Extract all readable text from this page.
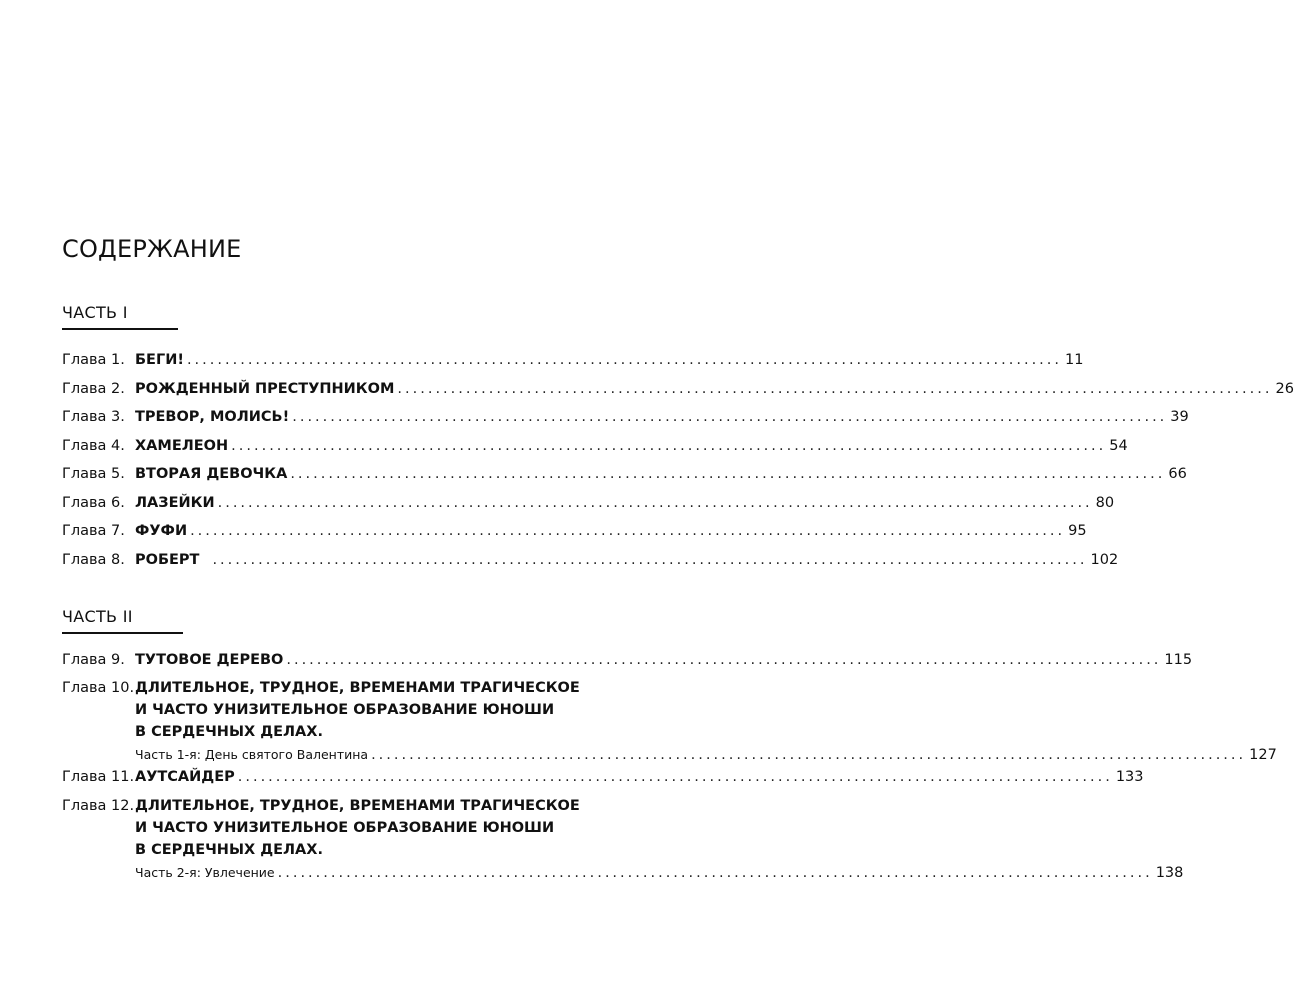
СОДЕРЖАНИЕ
ЧАСТЬ I
Глава 1. БЕГИ! ................................................................................................................... 11
Глава 2. РОЖДЕННЫЙ ПРЕСТУПНИКОМ ................................................................................................................... 26
Глава 3. ТРЕВОР, МОЛИСЬ! ................................................................................................................... 39
Глава 4. ХАМЕЛЕОН ................................................................................................................... 54
Глава 5. ВТОРАЯ ДЕВОЧКА ................................................................................................................... 66
Глава 6. ЛАЗЕЙКИ ................................................................................................................... 80
Глава 7. ФУФИ ................................................................................................................... 95
Глава 8. РОБЕРТ ................................................................................................................... 102
ЧАСТЬ II
Глава 9. ТУТОВОЕ ДЕРЕВО ................................................................................................................... 115
Глава 10. ДЛИТЕЛЬНОЕ, ТРУДНОЕ, ВРЕМЕНАМИ ТРАГИЧЕСКОЕ
И ЧАСТО УНИЗИТЕЛЬНОЕ ОБРАЗОВАНИЕ ЮНОШИ
В СЕРДЕЧНЫХ ДЕЛАХ.
Часть 1-я: День святого Валентина ................................................................................................................... 127
Глава 11. АУТСАЙДЕР ................................................................................................................... 133
Глава 12. ДЛИТЕЛЬНОЕ, ТРУДНОЕ, ВРЕМЕНАМИ ТРАГИЧЕСКОЕ
И ЧАСТО УНИЗИТЕЛЬНОЕ ОБРАЗОВАНИЕ ЮНОШИ
В СЕРДЕЧНЫХ ДЕЛАХ.
Часть 2-я: Увлечение ................................................................................................................... 138
